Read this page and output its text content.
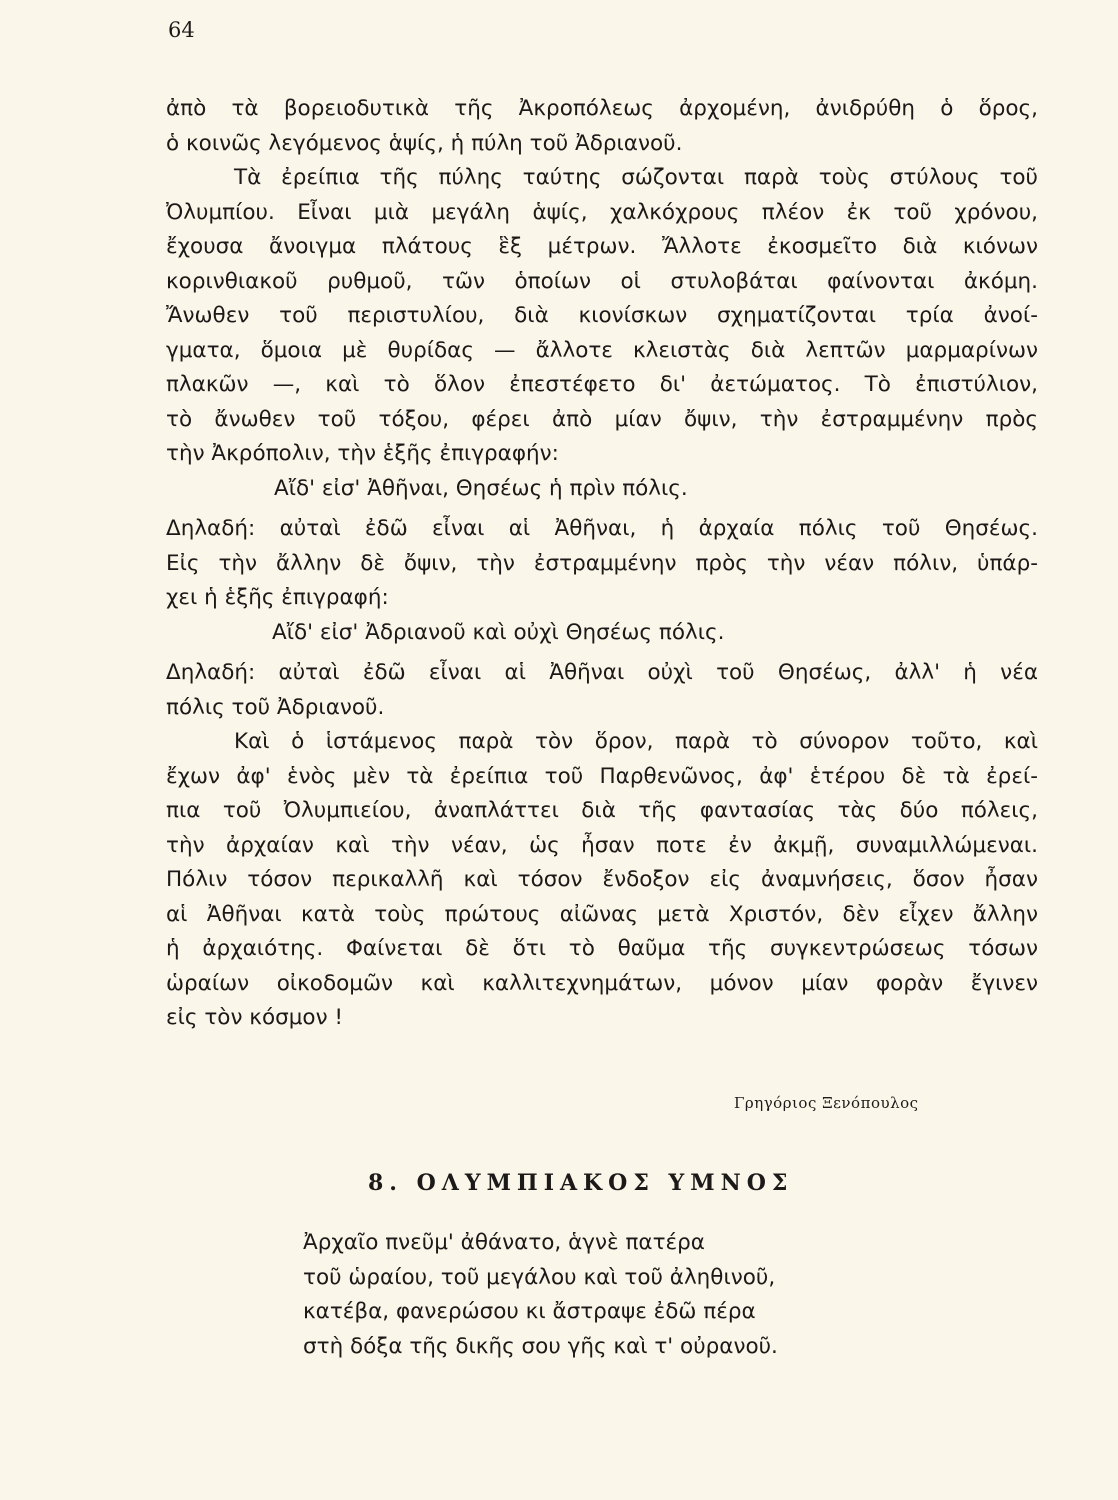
64
ἀπὸ τὰ βορειοδυτικὰ τῆς Ἀκροπόλεως ἀρχομένη, ἀνιδρύθη ὁ ὅρος,
ὁ κοινῶς λεγόμενος ἁψίς, ἡ πύλη τοῦ Ἀδριανοῦ.
Τὰ ἐρείπια τῆς πύλης ταύτης σώζονται παρὰ τοὺς στύλους τοῦ
Ὀλυμπίου. Εἶναι μιὰ μεγάλη ἁψίς, χαλκόχρους πλέον ἐκ τοῦ χρόνου,
ἔχουσα ἄνοιγμα πλάτους ἓξ μέτρων. Ἄλλοτε ἐκοσμεῖτο διὰ κιόνων
κορινθιακοῦ ρυθμοῦ, τῶν ὁποίων οἱ στυλοβάται φαίνονται ἀκόμη.
Ἄνωθεν τοῦ περιστυλίου, διὰ κιονίσκων σχηματίζονται τρία ἀνοί-
γματα, ὅμοια μὲ θυρίδας — ἄλλοτε κλειστὰς διὰ λεπτῶν μαρμαρίνων
πλακῶν —, καὶ τὸ ὅλον ἐπεστέφετο δι' ἀετώματος. Τὸ ἐπιστύλιον,
τὸ ἄνωθεν τοῦ τόξου, φέρει ἀπὸ μίαν ὄψιν, τὴν ἐστραμμένην πρὸς
τὴν Ἀκρόπολιν, τὴν ἑξῆς ἐπιγραφήν:
Αἴδ' εἰσ' Ἀθῆναι, Θησέως ἡ πρὶν πόλις.
Δηλαδή: αὐταὶ ἐδῶ εἶναι αἱ Ἀθῆναι, ἡ ἀρχαία πόλις τοῦ Θησέως.
Εἰς τὴν ἄλλην δὲ ὄψιν, τὴν ἐστραμμένην πρὸς τὴν νέαν πόλιν, ὑπάρ-
χει ἡ ἑξῆς ἐπιγραφή:
Αἴδ' εἰσ' Ἀδριανοῦ καὶ οὐχὶ Θησέως πόλις.
Δηλαδή: αὐταὶ ἐδῶ εἶναι αἱ Ἀθῆναι οὐχὶ τοῦ Θησέως, ἀλλ' ἡ νέα
πόλις τοῦ Ἀδριανοῦ.
Καὶ ὁ ἱστάμενος παρὰ τὸν ὅρον, παρὰ τὸ σύνορον τοῦτο, καὶ
ἔχων ἀφ' ἑνὸς μὲν τὰ ἐρείπια τοῦ Παρθενῶνος, ἀφ' ἑτέρου δὲ τὰ ἐρεί-
πια τοῦ Ὀλυμπιείου, ἀναπλάττει διὰ τῆς φαντασίας τὰς δύο πόλεις,
τὴν ἀρχαίαν καὶ τὴν νέαν, ὡς ἦσαν ποτε ἐν ἀκμῇ, συναμιλλώμεναι.
Πόλιν τόσον περικαλλῆ καὶ τόσον ἔνδοξον εἰς ἀναμνήσεις, ὅσον ἦσαν
αἱ Ἀθῆναι κατὰ τοὺς πρώτους αἰῶνας μετὰ Χριστόν, δὲν εἶχεν ἄλλην
ἡ ἀρχαιότης. Φαίνεται δὲ ὅτι τὸ θαῦμα τῆς συγκεντρώσεως τόσων
ὡραίων οἰκοδομῶν καὶ καλλιτεχνημάτων, μόνον μίαν φορὰν ἔγινεν
εἰς τὸν κόσμον !
Γρηγόριος Ξενόπουλος
8. ΟΛΥΜΠΙΑΚΟΣ ΥΜΝΟΣ
Ἀρχαῖο πνεῦμ' ἀθάνατο, ἁγνὲ πατέρα
τοῦ ὡραίου, τοῦ μεγάλου καὶ τοῦ ἀληθινοῦ,
κατέβα, φανερώσου κι ἄστραψε ἐδῶ πέρα
στὴ δόξα τῆς δικῆς σου γῆς καὶ τ' οὐρανοῦ.
